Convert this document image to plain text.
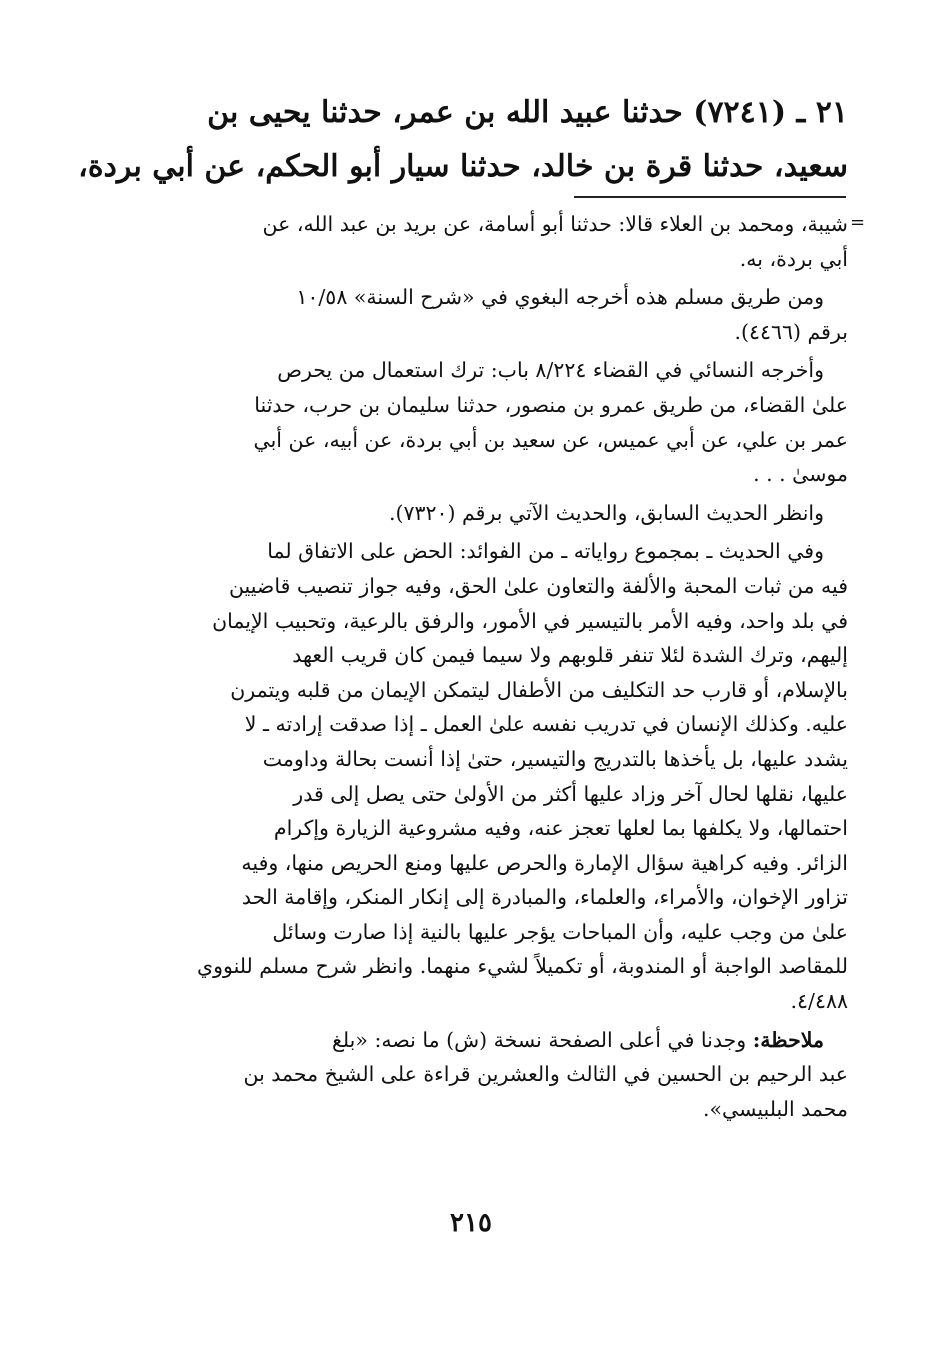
٢١ ـ (٧٢٤١) حدثنا عبيد الله بن عمر، حدثنا يحيى بن
سعيد، حدثنا قرة بن خالد، حدثنا سيار أبو الحكم، عن أبي بردة،
=
شيبة، ومحمد بن العلاء قالا: حدثنا أبو أسامة، عن بريد بن عبد الله، عن
أبي بردة، به.
ومن طريق مسلم هذه أخرجه البغوي في «شرح السنة» ١٠/٥٨
برقم (٤٤٦٦).
وأخرجه النسائي في القضاء ٨/٢٢٤ باب: ترك استعمال من يحرص
علىٰ القضاء، من طريق عمرو بن منصور، حدثنا سليمان بن حرب، حدثنا
عمر بن علي، عن أبي عميس، عن سعيد بن أبي بردة، عن أبيه، عن أبي
موسىٰ . . .
وانظر الحديث السابق، والحديث الآتي برقم (٧٣٢٠).
وفي الحديث ـ بمجموع رواياته ـ من الفوائد: الحض على الاتفاق لما
فيه من ثبات المحبة والألفة والتعاون علىٰ الحق، وفيه جواز تنصيب قاضيين
في بلد واحد، وفيه الأمر بالتيسير في الأمور، والرفق بالرعية، وتحبيب الإيمان
إليهم، وترك الشدة لئلا تنفر قلوبهم ولا سيما فيمن كان قريب العهد
بالإسلام، أو قارب حد التكليف من الأطفال ليتمكن الإيمان من قلبه ويتمرن
عليه. وكذلك الإنسان في تدريب نفسه علىٰ العمل ـ إذا صدقت إرادته ـ لا
يشدد عليها، بل يأخذها بالتدريج والتيسير، حتىٰ إذا أنست بحالة وداومت
عليها، نقلها لحال آخر وزاد عليها أكثر من الأولىٰ حتى يصل إلى قدر
احتمالها، ولا يكلفها بما لعلها تعجز عنه، وفيه مشروعية الزيارة وإكرام
الزائر. وفيه كراهية سؤال الإمارة والحرص عليها ومنع الحريص منها، وفيه
تزاور الإخوان، والأمراء، والعلماء، والمبادرة إلى إنكار المنكر، وإقامة الحد
علىٰ من وجب عليه، وأن المباحات يؤجر عليها بالنية إذا صارت وسائل
للمقاصد الواجبة أو المندوبة، أو تكميلاً لشيء منهما. وانظر شرح مسلم للنووي
٤/٤٨٨.
ملاحظة: وجدنا في أعلى الصفحة نسخة (ش) ما نصه: «بلغ
عبد الرحيم بن الحسين في الثالث والعشرين قراءة على الشيخ محمد بن
محمد البلبيسي».
٢١٥
